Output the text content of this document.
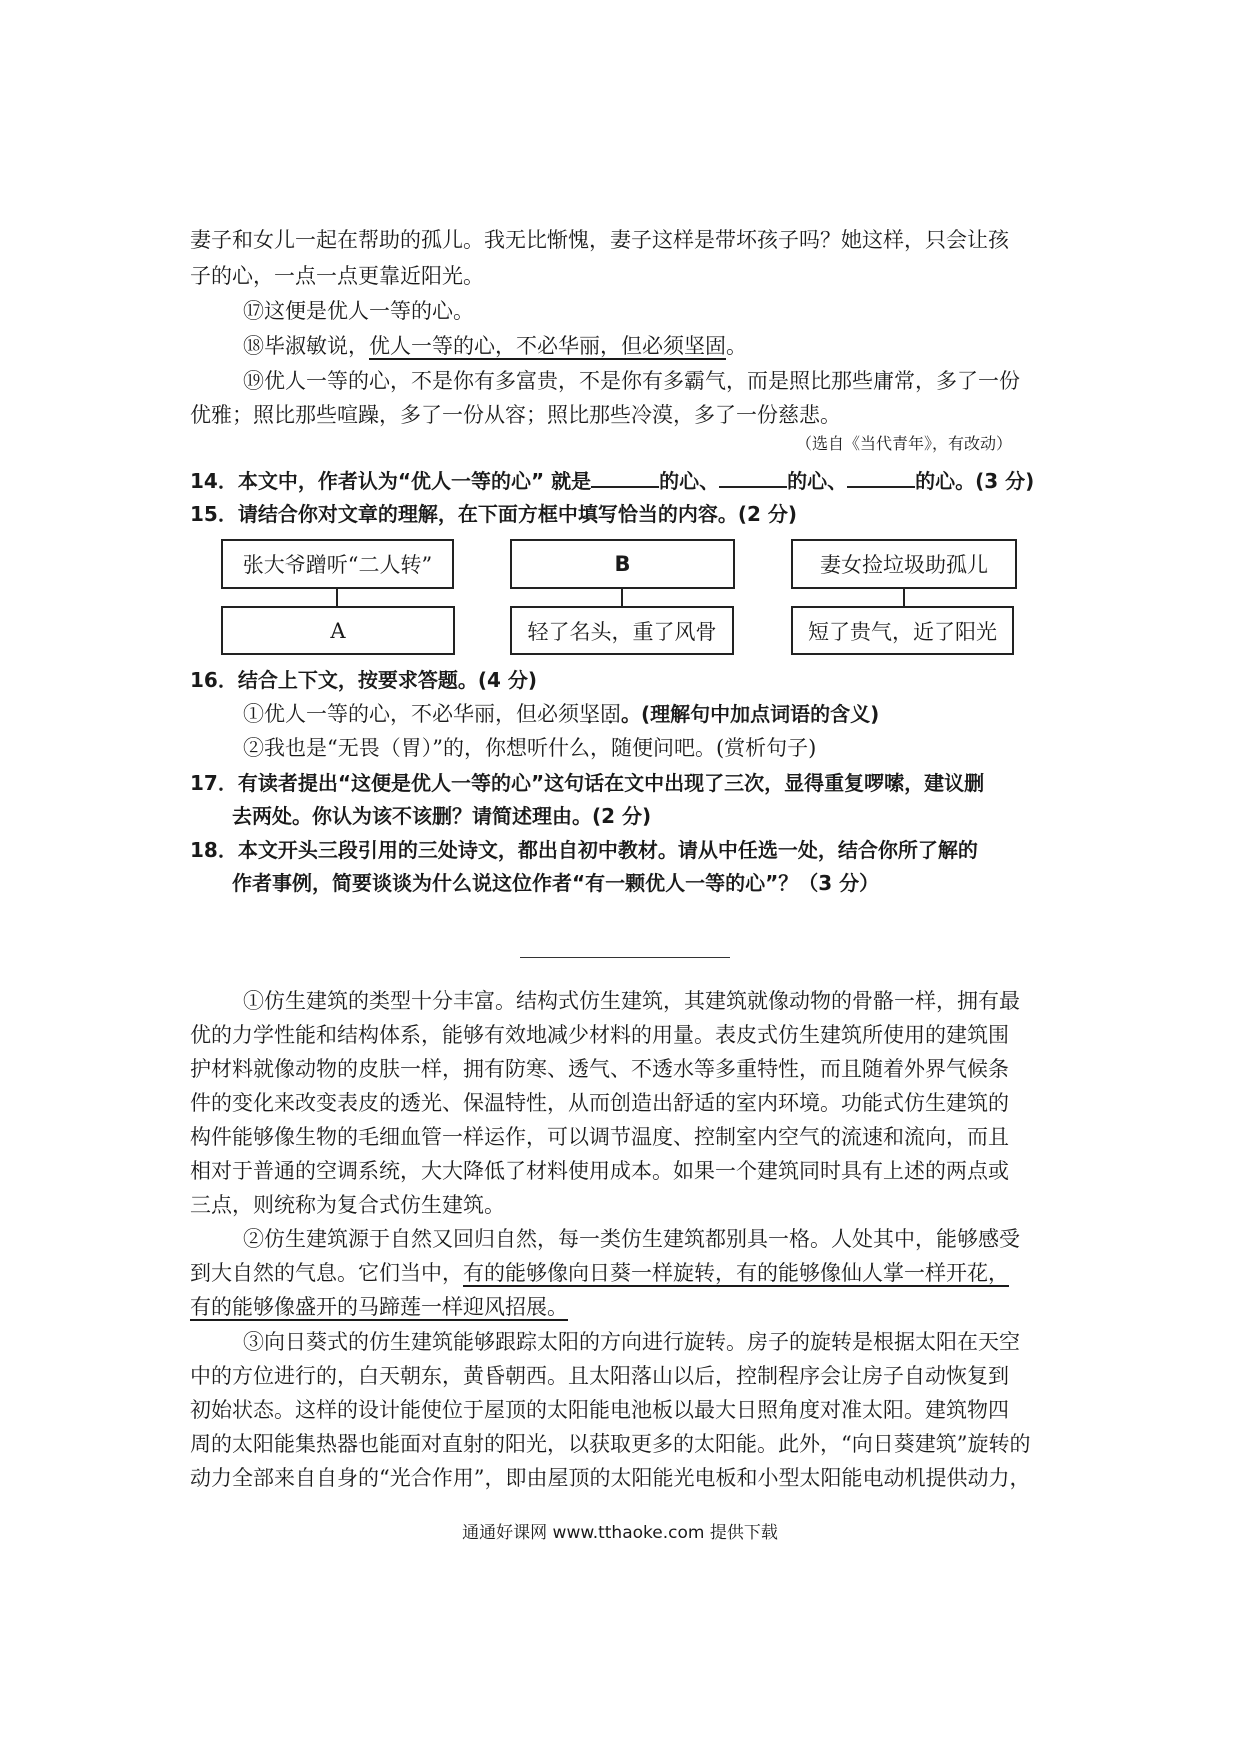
妻子和女儿一起在帮助的孤儿。我无比惭愧，妻子这样是带坏孩子吗？她这样，只会让孩
子的心，一点一点更靠近阳光。
⑰这便是优人一等的心。
⑱毕淑敏说，优人一等的心，不必华丽，但必须坚固。
⑲优人一等的心，不是你有多富贵，不是你有多霸气，而是照比那些庸常，多了一份
优雅；照比那些喧躁，多了一份从容；照比那些冷漠，多了一份慈悲。
（选自《当代青年》，有改动）
14．本文中，作者认为“优人一等的心” 就是	的心、	的心、	的心。(3 分)
15．请结合你对文章的理解，在下面方框中填写恰当的内容。(2 分)
张大爷蹭听“二人转”	B	妻女捡垃圾助孤儿
A	轻了名头，重了风骨	短了贵气，近了阳光
16．结合上下文，按要求答题。(4 分)
①优人一等的心，不必华丽，但必须坚固。(理解句中加点词语的含义)
②我也是“无畏（胃）”的，你想听什么，随便问吧。(赏析句子)
17．有读者提出“这便是优人一等的心”这句话在文中出现了三次，显得重复啰嗦，建议删
去两处。你认为该不该删？请简述理由。(2 分)
18．本文开头三段引用的三处诗文，都出自初中教材。请从中任选一处，结合你所了解的
作者事例，简要谈谈为什么说这位作者“有一颗优人一等的心”？（3 分）
①仿生建筑的类型十分丰富。结构式仿生建筑，其建筑就像动物的骨骼一样，拥有最
优的力学性能和结构体系，能够有效地减少材料的用量。表皮式仿生建筑所使用的建筑围
护材料就像动物的皮肤一样，拥有防寒、透气、不透水等多重特性，而且随着外界气候条
件的变化来改变表皮的透光、保温特性，从而创造出舒适的室内环境。功能式仿生建筑的
构件能够像生物的毛细血管一样运作，可以调节温度、控制室内空气的流速和流向，而且
相对于普通的空调系统，大大降低了材料使用成本。如果一个建筑同时具有上述的两点或
三点，则统称为复合式仿生建筑。
②仿生建筑源于自然又回归自然，每一类仿生建筑都别具一格。人处其中，能够感受
到大自然的气息。它们当中，有的能够像向日葵一样旋转，有的能够像仙人掌一样开花，
有的能够像盛开的马蹄莲一样迎风招展。
③向日葵式的仿生建筑能够跟踪太阳的方向进行旋转。房子的旋转是根据太阳在天空
中的方位进行的，白天朝东，黄昏朝西。且太阳落山以后，控制程序会让房子自动恢复到
初始状态。这样的设计能使位于屋顶的太阳能电池板以最大日照角度对准太阳。建筑物四
周的太阳能集热器也能面对直射的阳光，以获取更多的太阳能。此外，“向日葵建筑”旋转的
动力全部来自自身的“光合作用”，即由屋顶的太阳能光电板和小型太阳能电动机提供动力，
通通好课网 www.tthaoke.com 提供下载
